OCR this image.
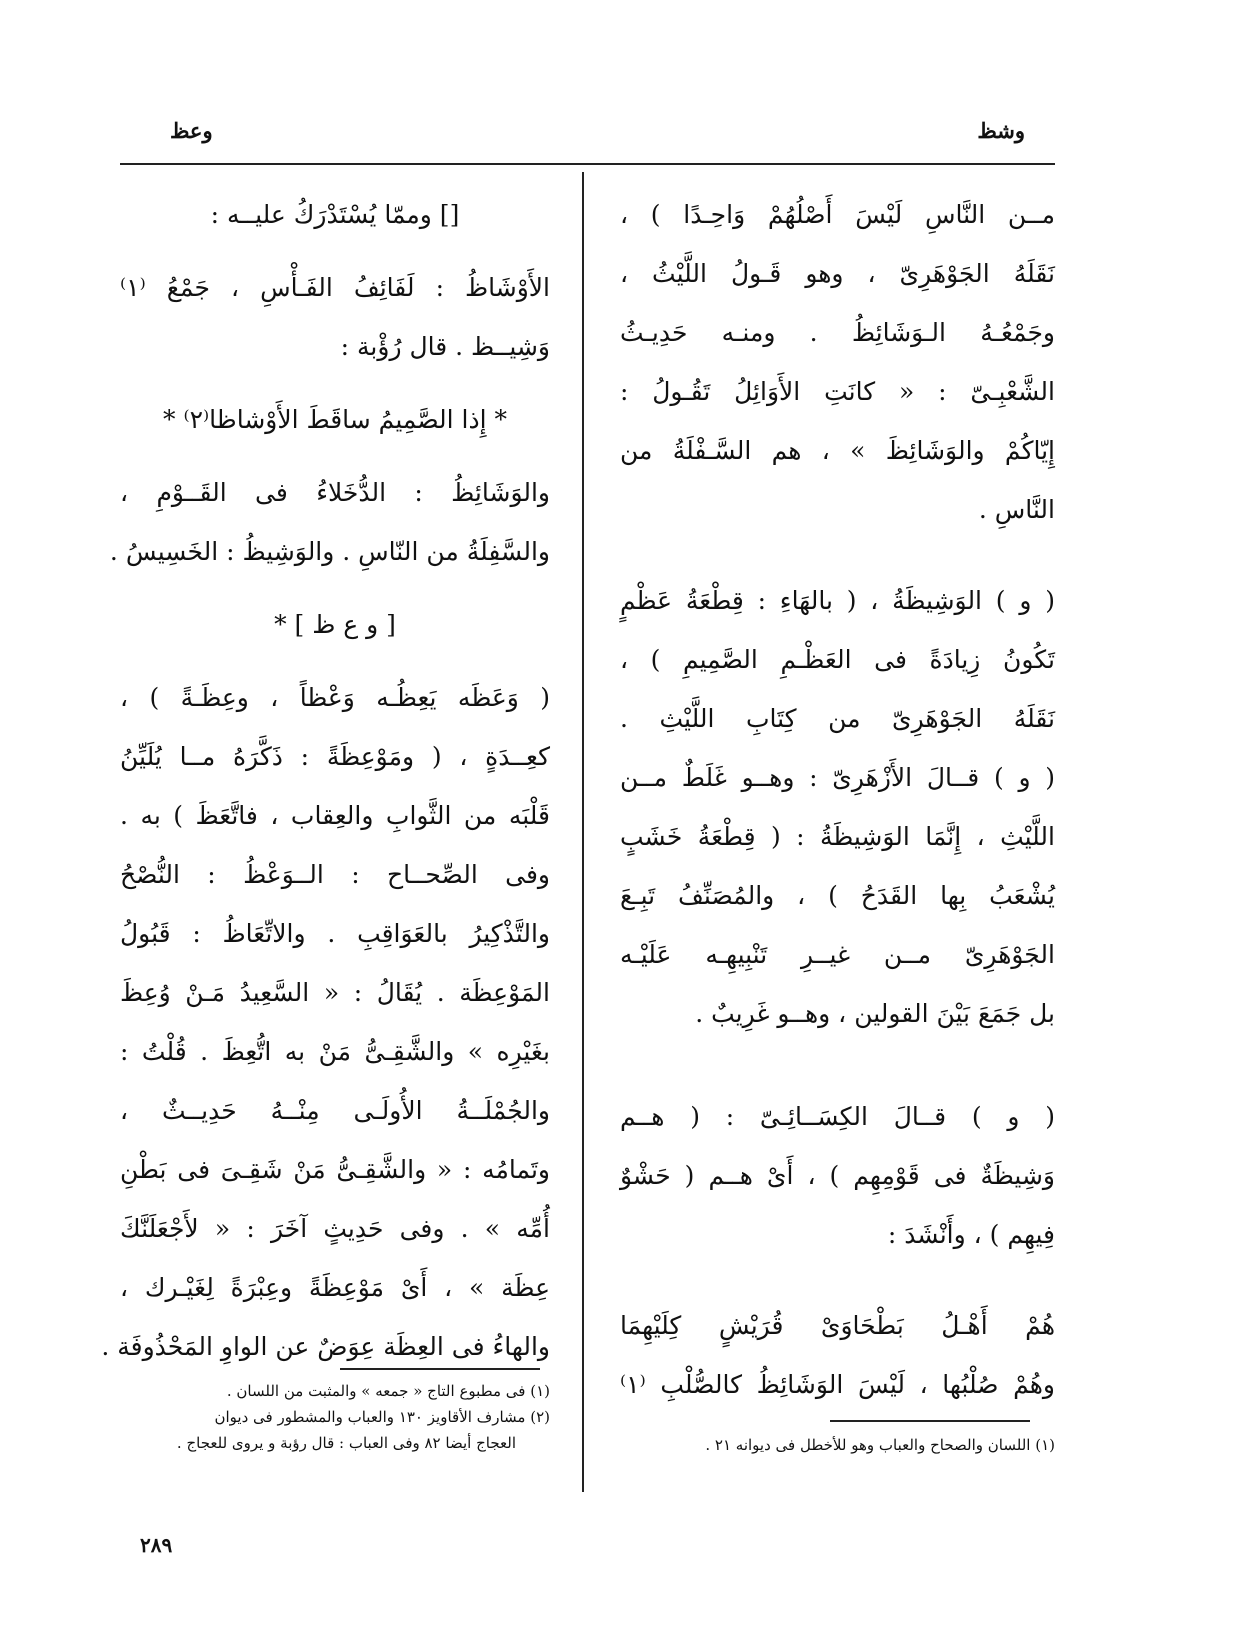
وشظ
وعظ
مــن النَّاسِ لَيْسَ أَصْلُهُمْ وَاحِـدًا ) ،
نَقَلَهُ الجَوْهَرِىّ ، وهو قَـولُ اللَّيْثُ ،
وجَمْعُـهُ الـوَشَائِظُ . ومنـه حَدِيـثُ
الشَّعْبِـىّ : « كانَتِ الأَوَائِلُ تَقُـولُ :
إِيّاكُمْ والوَشَائِظَ » ، هم السَّـفْلَةُ من
النَّاسِ .
( و ) الوَشِيظَةُ ، ( بالهَاءِ : قِطْعَةُ عَظْمٍ
تَكُونُ زِيادَةً فى العَظْـمِ الصَّمِيمِ ) ،
نَقَلَهُ الجَوْهَرِىّ من كِتَابِ اللَّيْثِ .
( و ) قــالَ الأَزْهَرِىّ : وهــو غَلَطٌ مــن
اللَّيْثِ ، إِنَّمَا الوَشِيظَةُ : ( قِطْعَةُ خَشَبٍ
يُشْعَبُ بِها القَدَحُ ) ، والمُصَنِّفُ تَبِـعَ
الجَوْهَرِىّ مــن غيــرِ تَنْبِيهِـه عَلَيْـه
بل جَمَعَ بَيْنَ القولين ، وهــو غَرِيبٌ .
( و ) قــالَ الكِسَــائِـىّ : ( هــم
وَشِيظَةٌ فى قَوْمِهِم ) ، أَىْ هــم ( حَشْوٌ
فِيهِم ) ، وأَنْشَدَ :
هُمْ أَهْـلُ بَطْحَاوَىْ قُرَيْشٍ كِلَيْهِمَا
وهُمْ صُلْبُها ، لَيْسَ الوَشَائِظُ كالصُّلْبِ ⁽١⁾
[] وممّا يُسْتَدْرَكُ عليــه :
الأَوْشَاظُ : لَفَائِفُ الفَـأْسِ ، جَمْعُ ⁽١⁾
وَشِيــظ . قال رُؤْبة :
* إِذا الصَّمِيمُ ساقَطَ الأَوْشاظا⁽٢⁾ *
والوَشَائِظُ : الدُّخَلاءُ فى القَــوْمِ ،
والسَّفِلَةُ من النّاسِ . والوَشِيظُ : الخَسِيسُ .
[ و ع ظ ] *
( وَعَظَه يَعِظُـه وَعْظاً ، وعِظَـةً ) ،
كعِــدَةٍ ، ( ومَوْعِظَةً : ذَكَّرَهُ مــا يُلَيِّنُ
قَلْبَه من الثَّوابِ والعِقاب ، فاتَّعَظَ ) به .
وفى الصِّحــاح : الــوَعْظُ : النُّصْحُ
والتَّذْكِيرُ بالعَوَاقِبِ . والاتِّعَاظُ : قَبُولُ
المَوْعِظَة . يُقَالُ : « السَّعِيدُ مَـنْ وُعِظَ
بغَيْرِه » والشَّقِـىُّ مَنْ به اتُّعِظَ . قُلْتُ :
والجُمْلَــةُ الأُولَـى مِنْــهُ حَدِيــثٌ ،
وتَمامُه : « والشَّقِـىُّ مَنْ شَقِـىَ فى بَطْنِ
أُمِّه » . وفى حَدِيثٍ آخَرَ : « لأَجْعَلَنَّكَ
عِظَة » ، أَىْ مَوْعِظَةً وعِبْرَةً لِغَيْـرك ،
والهاءُ فى العِظَة عِوَضٌ عن الواوِ المَحْذُوفَة .
(١) فى مطبوع التاج « جمعه » والمثبت من اللسان .
(٢) مشارف الأقاويز ١٣٠ والعباب والمشطور فى ديوان
العجاج أيضا ٨٢ وفى العباب : قال رؤبة و يروى للعجاج .	(١) اللسان والصحاح والعباب وهو للأخطل فى ديوانه ٢١ .
٢٨٩
